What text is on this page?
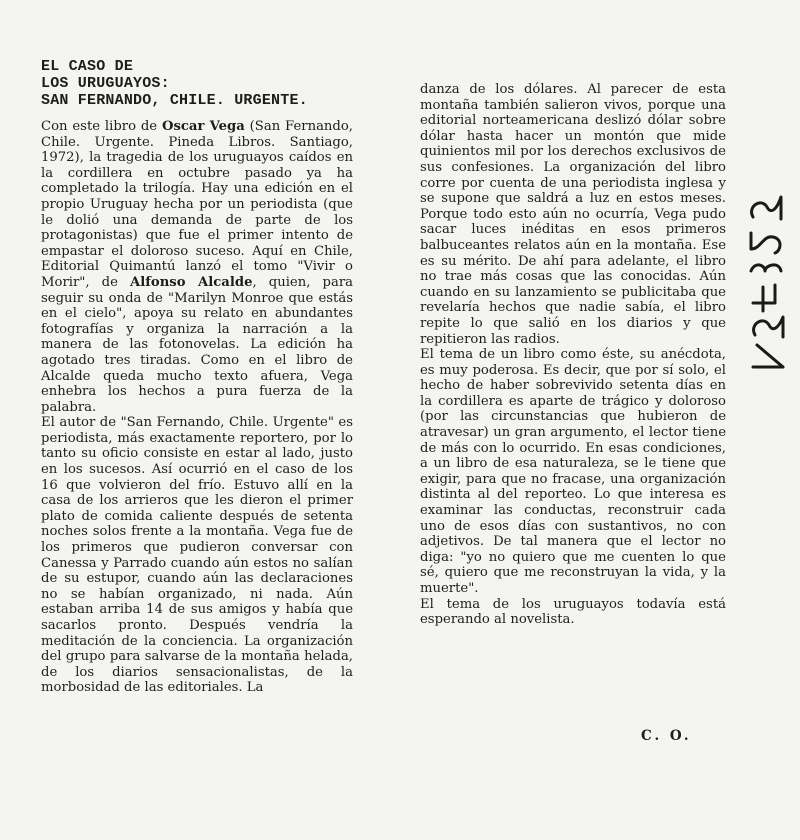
EL CASO DE
LOS URUGUAYOS:
SAN FERNANDO, CHILE. URGENTE.

Con este libro de Oscar Vega (San Fernando, Chile. Urgente. Pineda Libros. Santiago, 1972), la tragedia de los uruguayos caídos en la cordillera en octubre pasado ya ha completado la trilogía. Hay una edición en el propio Uruguay hecha por un periodista (que le dolió una demanda de parte de los protagonistas) que fue el primer intento de empastar el doloroso suceso. Aquí en Chile, Editorial Quimantú lanzó el tomo "Vivir o Morir", de Alfonso Alcalde, quien, para seguir su onda de "Marilyn Monroe que estás en el cielo", apoya su relato en abundantes fotografías y organiza la narración a la manera de las fotonovelas. La edición ha agotado tres tiradas. Como en el libro de Alcalde queda mucho texto afuera, Vega enhebra los hechos a pura fuerza de la palabra.

El autor de "San Fernando, Chile. Urgente" es periodista, más exactamente reportero, por lo tanto su oficio consiste en estar al lado, justo en los sucesos. Así ocurrió en el caso de los 16 que volvieron del frío. Estuvo allí en la casa de los arrieros que les dieron el primer plato de comida caliente después de setenta noches solos frente a la montaña. Vega fue de los primeros que pudieron conversar con Canessa y Parrado cuando aún estos no salían de su estupor, cuando aún las declaraciones no se habían organizado, ni nada. Aún estaban arriba 14 de sus amigos y había que sacarlos pronto. Después vendría la meditación de la conciencia. La organización del grupo para salvarse de la montaña helada, de los diarios sensacionalistas, de la morbosidad de las editoriales. La

danza de los dólares. Al parecer de esta montaña también salieron vivos, porque una editorial norteamericana deslizó dólar sobre dólar hasta hacer un montón que mide quinientos mil por los derechos exclusivos de sus confesiones. La organización del libro corre por cuenta de una periodista inglesa y se supone que saldrá a luz en estos meses. Porque todo esto aún no ocurría, Vega pudo sacar luces inéditas en esos primeros balbuceantes relatos aún en la montaña. Ese es su mérito. De ahí para adelante, el libro no trae más cosas que las conocidas. Aún cuando en su lanzamiento se publicitaba que revelaría hechos que nadie sabía, el libro repite lo que salió en los diarios y que repitieron las radios.

El tema de un libro como éste, su anécdota, es muy poderosa. Es decir, que por sí solo, el hecho de haber sobrevivido setenta días en la cordillera es aparte de trágico y doloroso (por las circunstancias que hubieron de atravesar) un gran argumento, el lector tiene de más con lo ocurrido. En esas condiciones, a un libro de esa naturaleza, se le tiene que exigir, para que no fracase, una organización distinta al del reporteo. Lo que interesa es examinar las conductas, reconstruir cada uno de esos días con sustantivos, no con adjetivos. De tal manera que el lector no diga: "yo no quiero que me cuenten lo que sé, quiero que me reconstruyan la vida, y la muerte".

El tema de los uruguayos todavía está esperando al novelista.

C. O.
